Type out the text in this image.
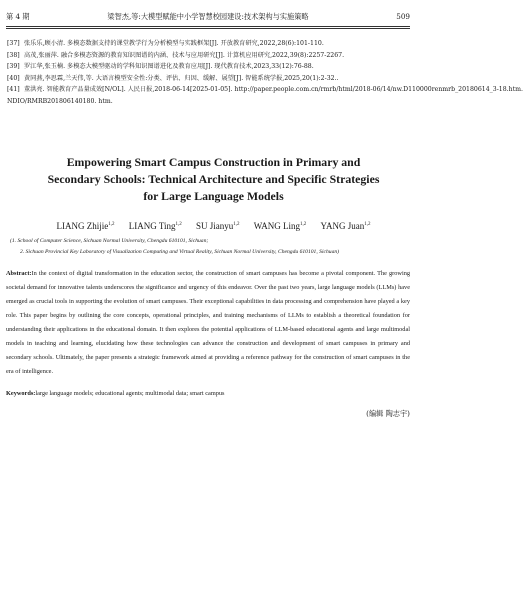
第 4 期	梁智杰,等:大模型赋能中小学智慧校园建设:技术架构与实施策略	509
[37] 张乐乐,顾小清. 多模态数据支持的课堂教学行为分析模型与实践框架[J]. 开放教育研究,2022,28(6):101-110.
[38] 高茂,张丽萍. 融合多模态资源的教育知识图谱的内涵、技术与应用研究[J]. 计算机应用研究,2022,39(8):2257-2267.
[39] 罗江华,张玉楠. 多模态大模型驱动的学科知识图谱进化及教育应用[J]. 现代教育技术,2023,33(12):76-88.
[40] 黄同燕,李思霖,兰天伟,等. 大语言模型安全性:分类、评估、归因、缓解、展望[J]. 智能系统学报,2025,20(1):2-32..
[41] 董洪亮. 智能教育产品量成效[N/OL]. 人民日报,2018-06-14[2025-01-05]. http://paper.people.com.cn/rmrb/html/2018-06/14/nw.D110000renmrb_20180614_3-18.htm.
NDIO/RMRB201806140180. htm.
Empowering Smart Campus Construction in Primary and Secondary Schools: Technical Architecture and Specific Strategies for Large Language Models
LIANG Zhijie$^{1,2}$ LIANG Ting$^{1,2}$ SU Jianyu$^{1,2}$ WANG Ling$^{1,2}$ YANG Juan$^{1,2}$
(1. School of Computer Science, Sichuan Normal University, Chengdu 610101, Sichuan;
2. Sichuan Provincial Key Laboratory of Visualization Computing and Virtual Reality, Sichuan Normal University, Chengdu 610101, Sichuan)
Abstract:In the context of digital transformation in the education sector, the construction of smart campuses has become a pivotal component. The growing societal demand for innovative talents underscores the significance and urgency of this endeavor. Over the past two years, large language models (LLMs) have emerged as crucial tools in supporting the evolution of smart campuses. Their exceptional capabilities in data processing and comprehension have played a key role. This paper begins by outlining the core concepts, operational principles, and training mechanisms of LLMs to establish a theoretical foundation for understanding their applications in the educational domain. It then explores the potential applications of LLM-based educational agents and large multimodal models in teaching and learning, elucidating how these technologies can advance the construction and development of smart campuses in primary and secondary schools. Ultimately, the paper presents a strategic framework aimed at providing a reference pathway for the construction of smart campuses in the era of intelligence.
Keywords:large language models; educational agents; multimodal data; smart campus
(编辑 陶志宇)
